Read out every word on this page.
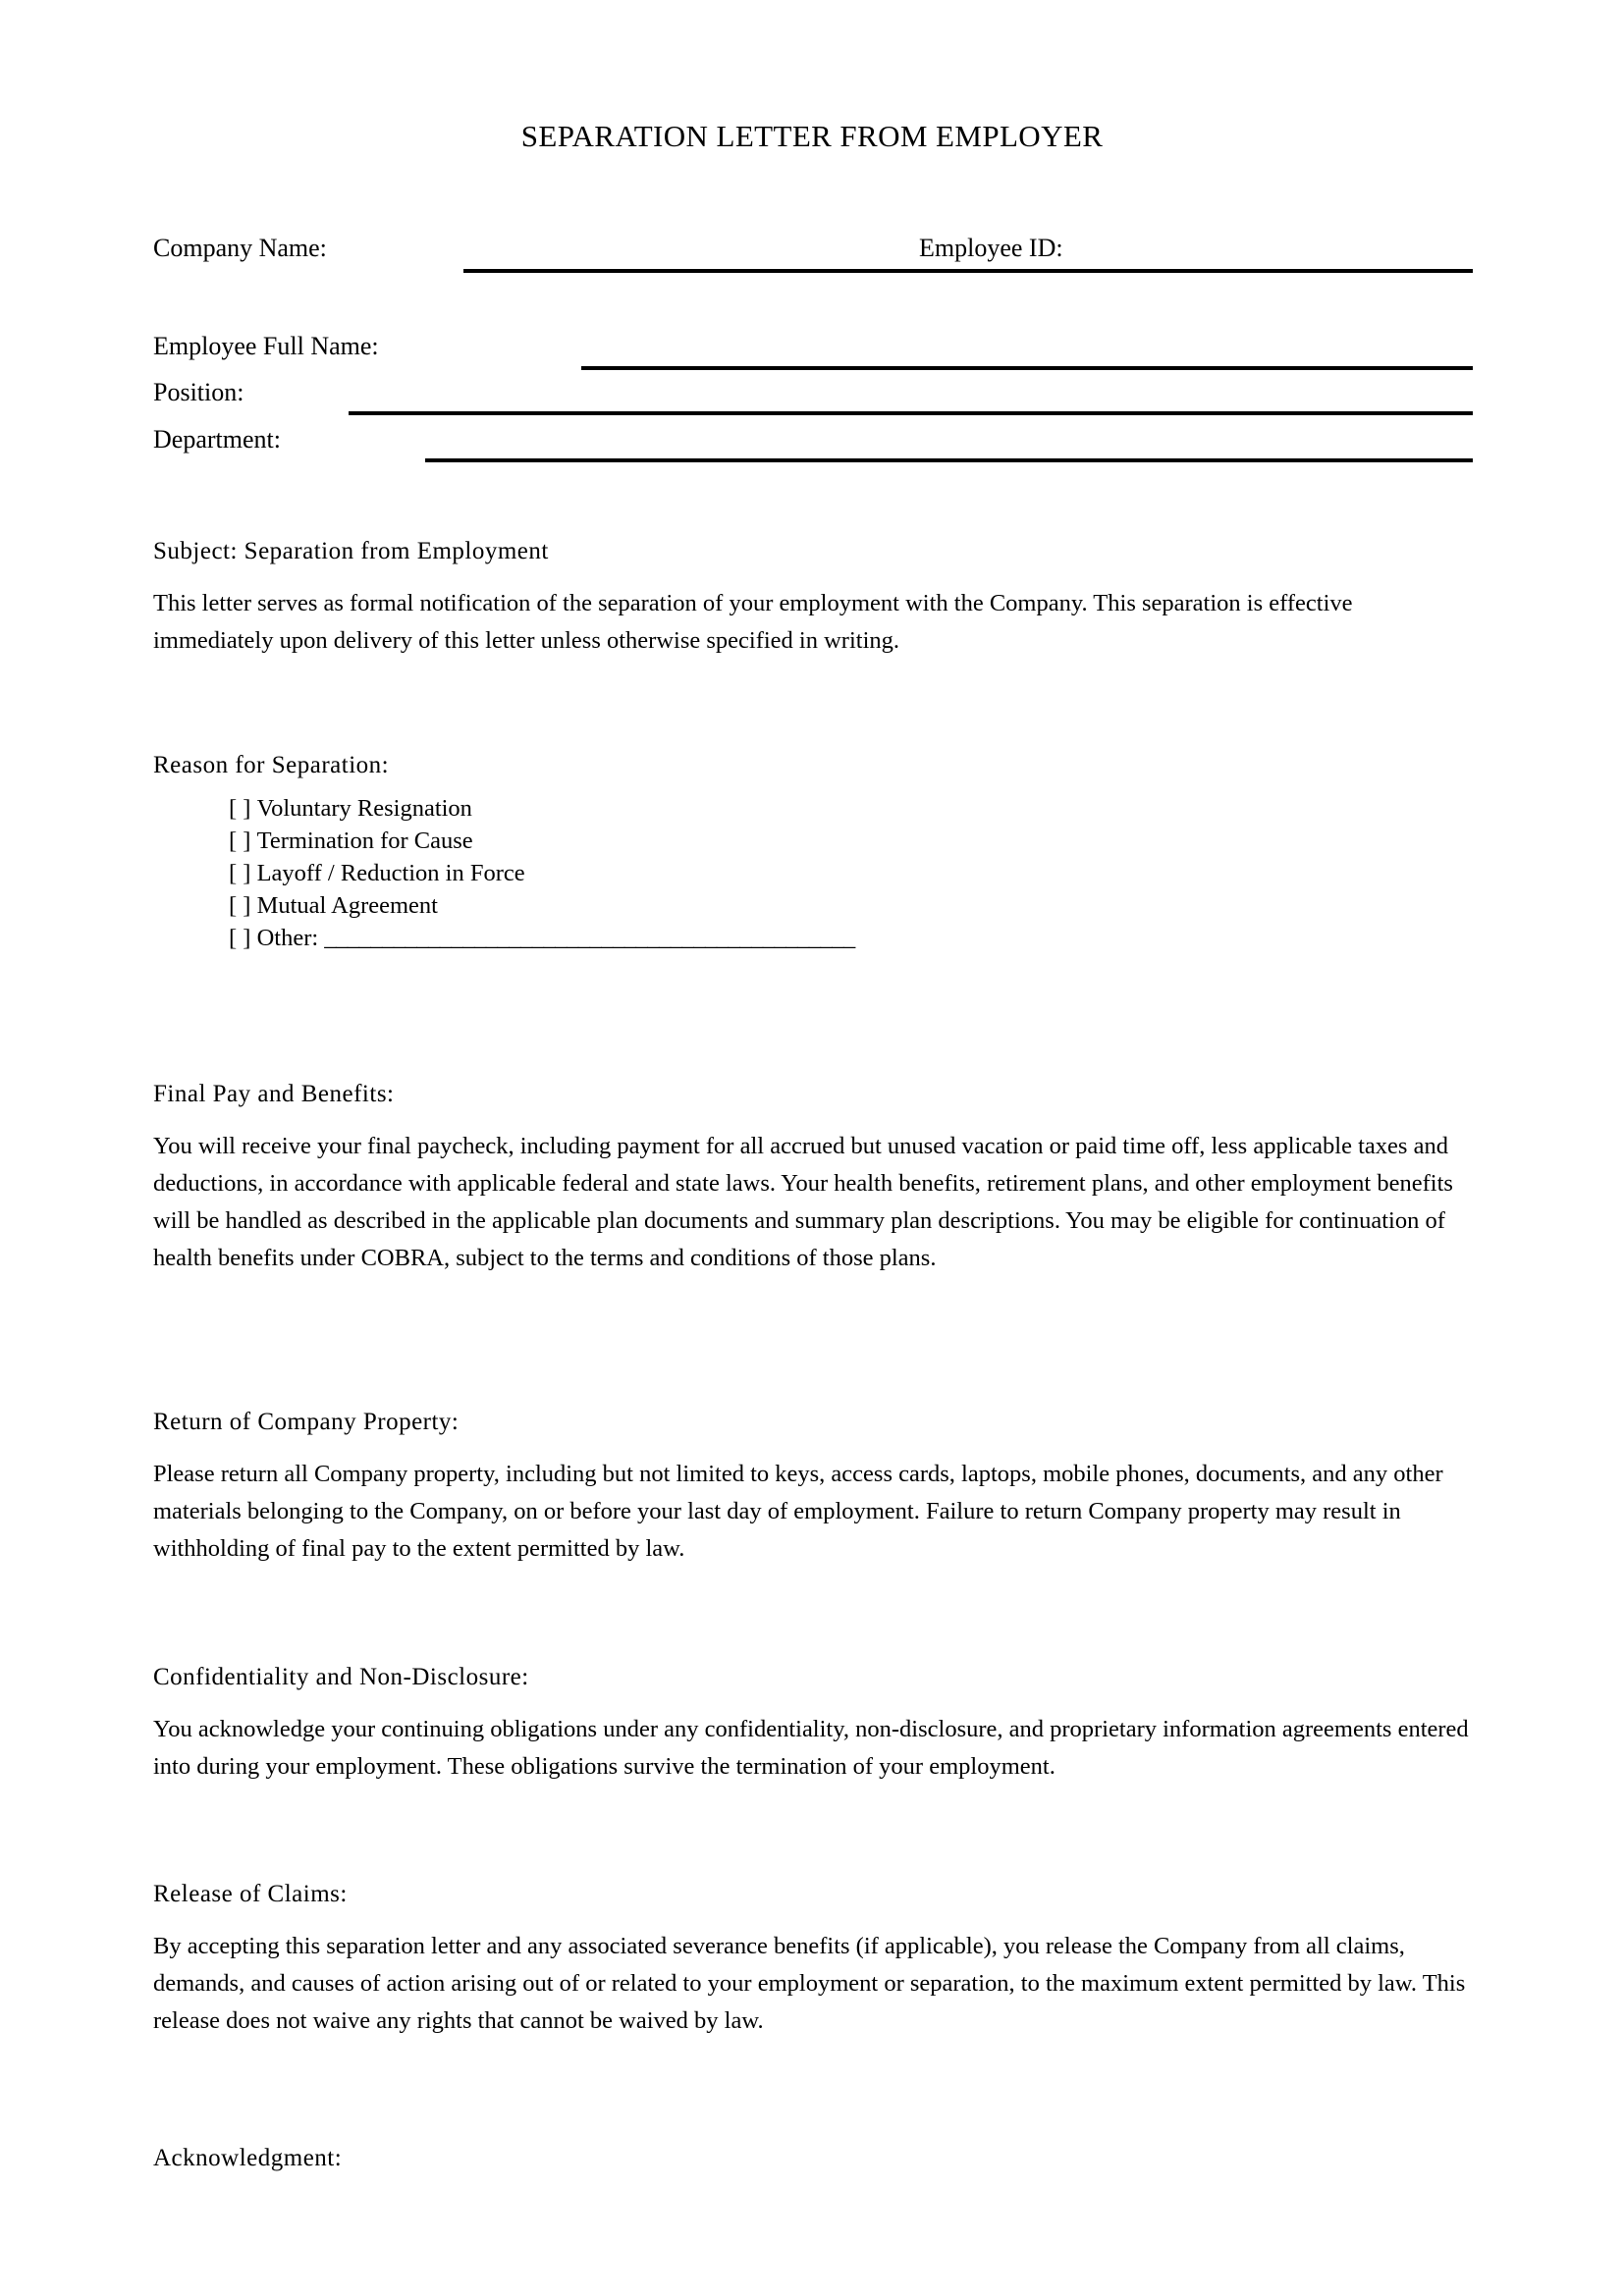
SEPARATION LETTER FROM EMPLOYER
Company Name:	Employee ID:
Employee Full Name:
Position:
Department:
Subject: Separation from Employment
This letter serves as formal notification of the separation of your employment with the Company. This separation is effective immediately upon delivery of this letter unless otherwise specified in writing.
Reason for Separation:
[ ] Voluntary Resignation
[ ] Termination for Cause
[ ] Layoff / Reduction in Force
[ ] Mutual Agreement
[ ] Other: ______________________________________________
Final Pay and Benefits:
You will receive your final paycheck, including payment for all accrued but unused vacation or paid time off, less applicable taxes and deductions, in accordance with applicable federal and state laws. Your health benefits, retirement plans, and other employment benefits will be handled as described in the applicable plan documents and summary plan descriptions. You may be eligible for continuation of health benefits under COBRA, subject to the terms and conditions of those plans.
Return of Company Property:
Please return all Company property, including but not limited to keys, access cards, laptops, mobile phones, documents, and any other materials belonging to the Company, on or before your last day of employment. Failure to return Company property may result in withholding of final pay to the extent permitted by law.
Confidentiality and Non-Disclosure:
You acknowledge your continuing obligations under any confidentiality, non-disclosure, and proprietary information agreements entered into during your employment. These obligations survive the termination of your employment.
Release of Claims:
By accepting this separation letter and any associated severance benefits (if applicable), you release the Company from all claims, demands, and causes of action arising out of or related to your employment or separation, to the maximum extent permitted by law. This release does not waive any rights that cannot be waived by law.
Acknowledgment:
